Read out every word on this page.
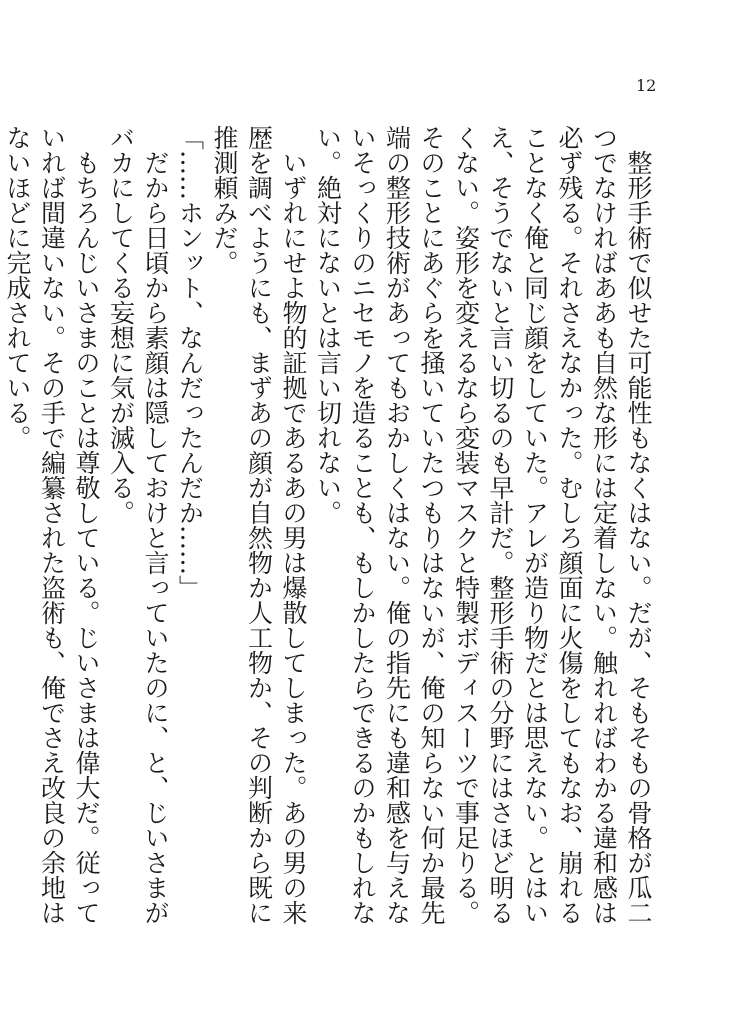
12

　整形手術で似せた可能性もなくはない。だが、そもそもの骨格が瓜二つでなければああも自然な形には定着しない。触れればわかる違和感は必ず残る。それさえなかった。むしろ顔面に火傷をしてもなお、崩れることなく俺と同じ顔をしていた。アレが造り物だとは思えない。とはいえ、そうでないと言い切るのも早計だ。整形手術の分野にはさほど明るくない。姿形を変えるなら変装マスクと特製ボディスーツで事足りる。そのことにあぐらを掻いていたつもりはないが、俺の知らない何か最先端の整形技術があってもおかしくはない。俺の指先にも違和感を与えないそっくりのニセモノを造ることも、もしかしたらできるのかもしれない。絶対にないとは言い切れない。

　いずれにせよ物的証拠であるあの男は爆散してしまった。あの男の来歴を調べようにも、まずあの顔が自然物か人工物か、その判断から既に推測頼みだ。

「……ホンット、なんだったんだか……」

　だから日頃から素顔は隠しておけと言っていたのに、と、じいさまがバカにしてくる妄想に気が滅入る。

　もちろんじいさまのことは尊敬している。じいさまは偉大だ。従っていれば間違いない。その手で編纂された盗術も、俺でさえ改良の余地はないほどに完成されている。
